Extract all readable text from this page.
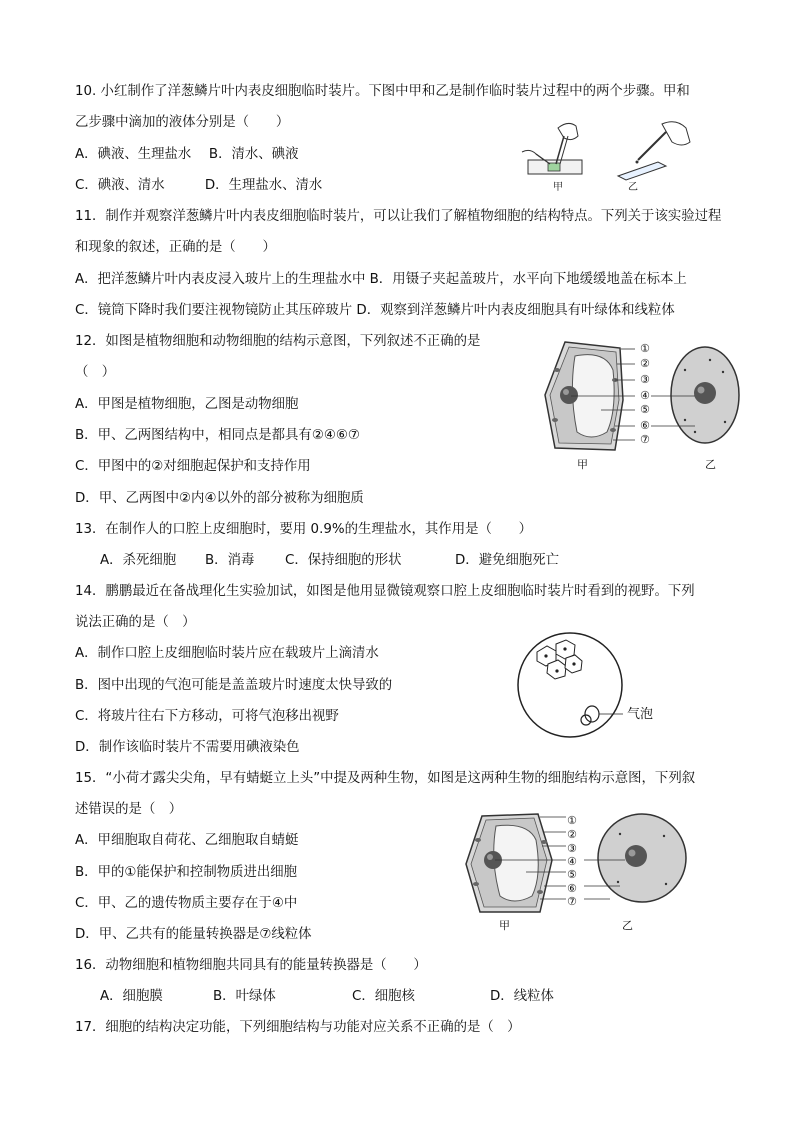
10. 小红制作了洋葱鳞片叶内表皮细胞临时装片。下图中甲和乙是制作临时装片过程中的两个步骤。甲和
乙步骤中滴加的液体分别是（　　）
A．碘液、生理盐水　 B．清水、碘液
C．碘液、清水　　　D．生理盐水、清水	甲	乙
11．制作并观察洋葱鳞片叶内表皮细胞临时装片，可以让我们了解植物细胞的结构特点。下列关于该实验过程
和现象的叙述，正确的是（　　）
A．把洋葱鳞片叶内表皮浸入玻片上的生理盐水中 B．用镊子夹起盖玻片，水平向下地缓缓地盖在标本上
C．镜筒下降时我们要注视物镜防止其压碎玻片 D．观察到洋葱鳞片叶内表皮细胞具有叶绿体和线粒体
12．如图是植物细胞和动物细胞的结构示意图，下列叙述不正确的是
（　）
A．甲图是植物细胞，乙图是动物细胞
B．甲、乙两图结构中，相同点是都具有②④⑥⑦
C．甲图中的②对细胞起保护和支持作用
D．甲、乙两图中②内④以外的部分被称为细胞质
①
②
③
④
⑤
⑥
⑦
甲	乙
13．在制作人的口腔上皮细胞时，要用 0.9%的生理盐水，其作用是（　　）
A．杀死细胞 B．消毒 C．保持细胞的形状	D．避免细胞死亡
14．鹏鹏最近在备战理化生实验加试，如图是他用显微镜观察口腔上皮细胞临时装片时看到的视野。下列
说法正确的是（　）
A．制作口腔上皮细胞临时装片应在载玻片上滴清水
B．图中出现的气泡可能是盖盖玻片时速度太快导致的
C．将玻片往右下方移动，可将气泡移出视野
D．制作该临时装片不需要用碘液染色
气泡
15．“小荷才露尖尖角，早有蜻蜓立上头”中提及两种生物，如图是这两种生物的细胞结构示意图，下列叙
述错误的是（　）
A．甲细胞取自荷花、乙细胞取自蜻蜓
B．甲的①能保护和控制物质进出细胞
C．甲、乙的遗传物质主要存在于④中
D．甲、乙共有的能量转换器是⑦线粒体
①
②
③
④
⑤
⑥
⑦
甲	乙
16．动物细胞和植物细胞共同具有的能量转换器是（　　）
A．细胞膜	B．叶绿体	C．细胞核	D．线粒体
17．细胞的结构决定功能，下列细胞结构与功能对应关系不正确的是（　）
